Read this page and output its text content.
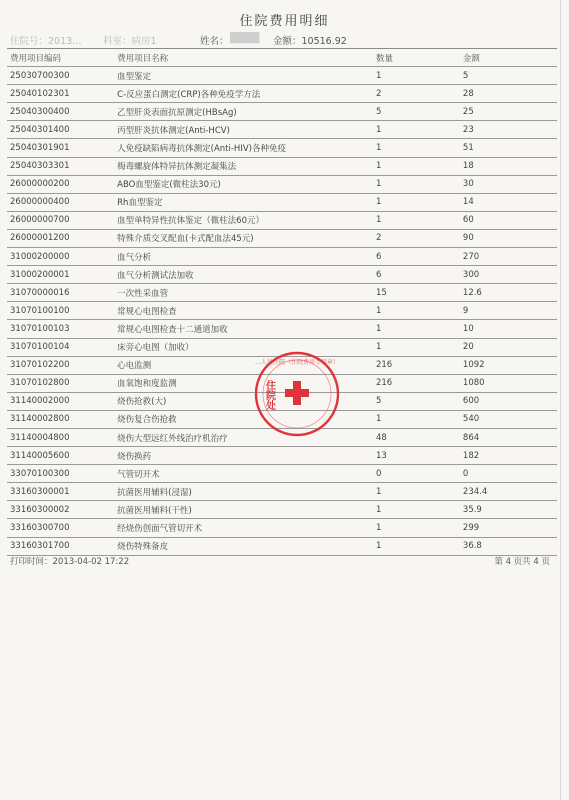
住院费用明细
住院号：2013… 科室：病房1	姓名： ████ 金额：10516.92
费用项目编码	费用项目名称	数量	金额
25030700300	血型鉴定	1	5
25040102301	C-反应蛋白测定(CRP)各种免疫学方法	2	28
25040300400	乙型肝炎表面抗原测定(HBsAg)	5	25
25040301400	丙型肝炎抗体测定(Anti-HCV)	1	23
25040301901	人免疫缺陷病毒抗体测定(Anti-HIV)各种免疫	1	51
25040303301	梅毒螺旋体特异抗体测定凝集法	1	18
26000000200	ABO血型鉴定(微柱法30元)	1	30
26000000400	Rh血型鉴定	1	14
26000000700	血型单特异性抗体鉴定（微柱法60元）	1	60
26000001200	特殊介质交叉配血(卡式配血法45元)	2	90
31000200000	血气分析	6	270
31000200001	血气分析测试法加收	6	300
31070000016	一次性采血管	15	12.6
31070100100	常规心电图检查	1	9
31070100103	常规心电图检查十二通道加收	1	10
31070100104	床旁心电图（加收）	1	20
31070102200	心电监测	216	1092
31070102800	血氧饱和度监测	216	1080
31140002000	烧伤抢救(大)	5	600
31140002800	烧伤复合伤抢救	1	540
31140004800	烧伤大型远红外线治疗机治疗	48	864
31140005600	烧伤换药	13	182
33070100300	气管切开术	0	0
33160300001	抗菌医用辅料(浸湿)	1	234.4
33160300002	抗菌医用辅料(干性)	1	35.9
33160300700	经烧伤创面气管切开术	1	299
33160301700	烧伤特殊备皮	1	36.8
…人民医院（住院费用专用章）
住院处
打印时间：2013-04-02 17:22	第 4 页共 4 页
